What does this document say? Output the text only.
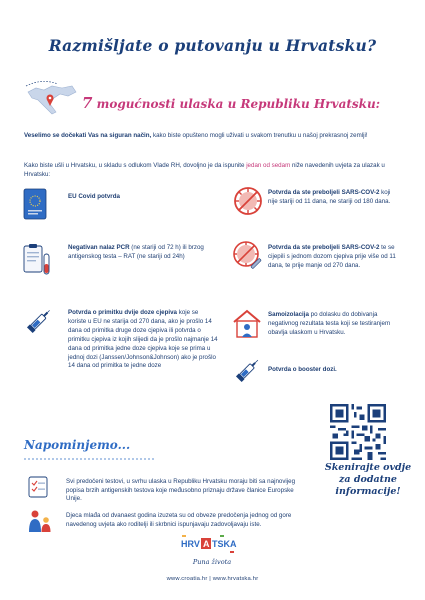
Razmišljate o putovanju u Hrvatsku?
7 mogućnosti ulaska u Republiku Hrvatsku:
Veselimo se dočekati Vas na siguran način, kako biste opušteno mogli uživati u svakom trenutku u našoj prekrasnoj zemlji!
Kako biste ušli u Hrvatsku, u skladu s odlukom Vlade RH, dovoljno je da ispunite jedan od sedam niže navedenih uvjeta za ulazak u Hrvatsku:
EU Covid potvrda
Potvrda da ste preboljeli SARS-COV-2 koji nije stariji od 11 dana, ne stariji od 180 dana.
Negativan nalaz PCR (ne stariji od 72 h) ili brzog antigenskog testa – RAT (ne stariji od 24h)
Potvrda da ste preboljeli SARS-COV-2 te se cijepili s jednom dozom cjepiva prije više od 11 dana, te prije manje od 270 dana.
Potvrda o primitku dvije doze cjepiva koje se koriste u EU ne starija od 270 dana, ako je prošlo 14 dana od primitka druge doze cjepiva ili potvrda o primitku cjepiva iz kojih slijedi da je prošlo najmanje 14 dana od primitka jedne doze cjepiva koje se prima u jednoj dozi (Janssen/Johnson&Johnson) ako je prošlo 14 dana od primitka te jedne doze
Samoizolacija po dolasku do dobivanja negativnog rezultata testa koji se testiranjem obavlja ulaskom u Hrvatsku.
Potvrda o booster dozi.
Napominjemo...
Svi predočeni testovi, u svrhu ulaska u Republiku Hrvatsku moraju biti sa najnovijeg popisa brzih antigenskih testova koje međusobno priznaju države članice Europske Unije.
Djeca mlađa od dvanaest godina izuzeta su od obveze predočenja jednog od gore navedenog uvjeta ako roditelji ili skrbnici ispunjavaju zadovoljavaju iste.
Skenirajte ovdje
za dodatne
informacije!
HRV A TSKA
Puna života
www.croatia.hr | www.hrvatska.hr
